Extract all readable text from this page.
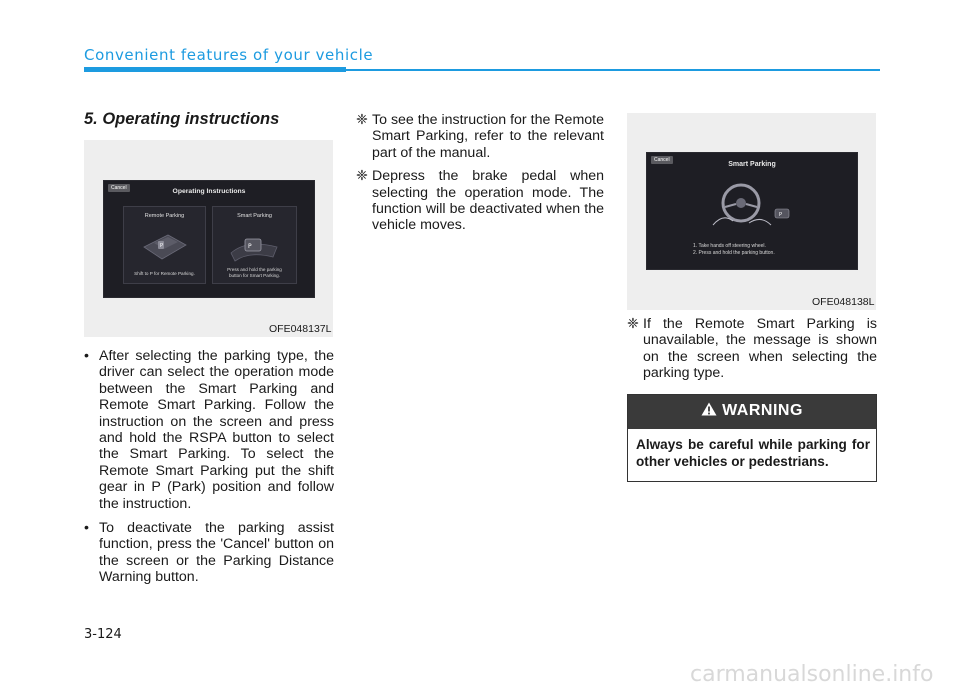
Convenient features of your vehicle
5. Operating instructions
Cancel	Operating Instructions
Remote Parking
P
Shift to P for Remote Parking.
Smart Parking
P
Press and hold the parking
button for Smart Parking.
OFE048137L
• After selecting the parking type, the driver can select the operation mode between the Smart Parking and Remote Smart Parking. Follow the instruction on the screen and press and hold the RSPA button to select the Smart Parking. To select the Remote Smart Parking put the shift gear in P (Park) position and follow the instruction.
• To deactivate the parking assist function, press the 'Cancel' button on the screen or the Parking Distance Warning button.
❈ To see the instruction for the Remote Smart Parking, refer to the relevant part of the manual.
❈ Depress the brake pedal when selecting the operation mode. The function will be deactivated when the vehicle moves.
Cancel
Smart Parking
P
1. Take hands off steering wheel.
2. Press and hold the parking button.
OFE048138L
❈ If the Remote Smart Parking is unavailable, the message is shown on the screen when selecting the parking type.
WARNING
Always be careful while parking for other vehicles or pedestrians.
3-124
carmanualsonline.info
